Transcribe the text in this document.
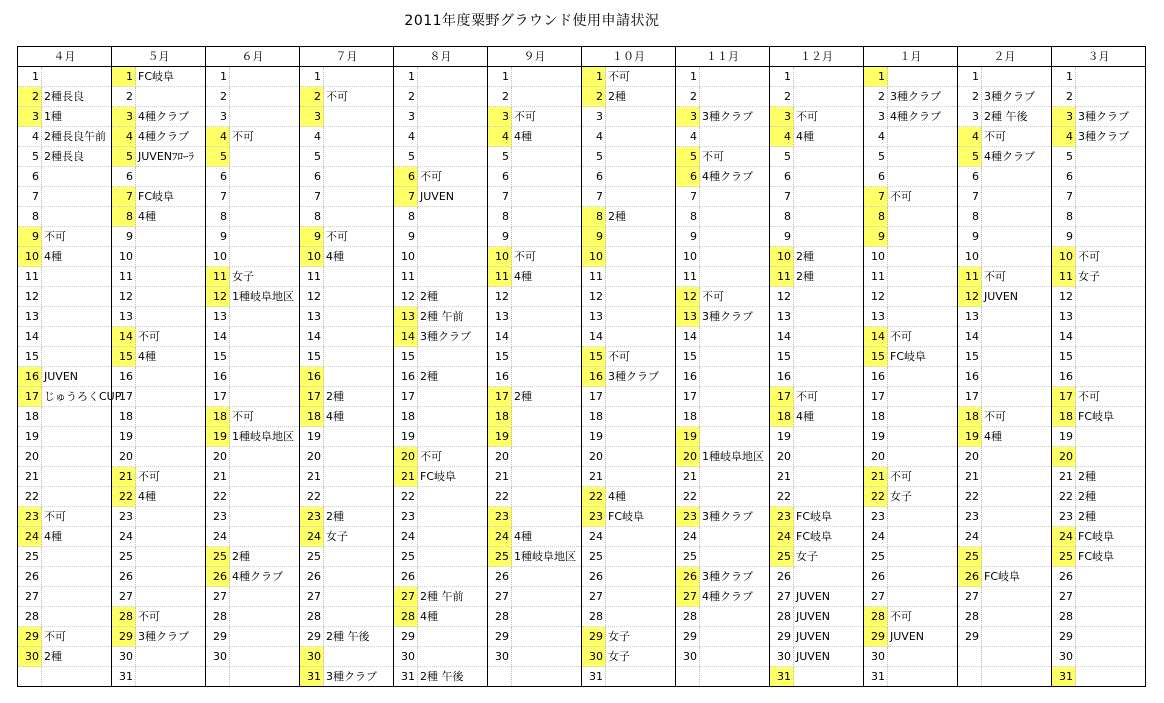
2011年度粟野グラウンド使用申請状況
４月		５月		６月		７月		８月		９月		１０月		１１月		１２月		１月		２月		３月	
1		1	FC岐阜	1		1		1		1		1	不可	1		1		1		1		1	
2	2種長良	2		2		2	不可	2		2		2	2種	2		2		2	3種クラブ	2	3種クラブ	2	
3	1種	3	4種クラブ	3		3		3		3	不可	3		3	3種クラブ	3	不可	3	4種クラブ	3	2種 午後	3	3種クラブ
4	2種長良午前	4	4種クラブ	4	不可	4		4		4	4種	4		4		4	4種	4		4	不可	4	3種クラブ
5	2種長良	5	JUVENﾌﾛｰﾗ	5		5		5		5		5		5	不可	5		5		5	4種クラブ	5	
6		6		6		6		6	不可	6		6		6	4種クラブ	6		6		6		6	
7		7	FC岐阜	7		7		7	JUVEN	7		7		7		7		7	不可	7		7	
8		8	4種	8		8		8		8		8	2種	8		8		8		8		8	
9	不可	9		9		9	不可	9		9		9		9		9		9		9		9	
10	4種	10		10		10	4種	10		10	不可	10		10		10	2種	10		10		10	不可
11		11		11	女子	11		11		11	4種	11		11		11	2種	11		11	不可	11	女子
12		12		12	1種岐阜地区	12		12	2種	12		12		12	不可	12		12		12	JUVEN	12	
13		13		13		13		13	2種 午前	13		13		13	3種クラブ	13		13		13		13	
14		14	不可	14		14		14	3種クラブ	14		14		14		14		14	不可	14		14	
15		15	4種	15		15		15		15		15	不可	15		15		15	FC岐阜	15		15	
16	JUVEN	16		16		16		16	2種	16		16	3種クラブ	16		16		16		16		16	
17	じゅうろくCUP	17		17		17	2種	17		17	2種	17		17		17	不可	17		17		17	不可
18		18		18	不可	18	4種	18		18		18		18		18	4種	18		18	不可	18	FC岐阜
19		19		19	1種岐阜地区	19		19		19		19		19		19		19		19	4種	19	
20		20		20		20		20	不可	20		20		20	1種岐阜地区	20		20		20		20	
21		21	不可	21		21		21	FC岐阜	21		21		21		21		21	不可	21		21	2種
22		22	4種	22		22		22		22		22	4種	22		22		22	女子	22		22	2種
23	不可	23		23		23	2種	23		23		23	FC岐阜	23	3種クラブ	23	FC岐阜	23		23		23	2種
24	4種	24		24		24	女子	24		24	4種	24		24		24	FC岐阜	24		24		24	FC岐阜
25		25		25	2種	25		25		25	1種岐阜地区	25		25		25	女子	25		25		25	FC岐阜
26		26		26	4種クラブ	26		26		26		26		26	3種クラブ	26		26		26	FC岐阜	26	
27		27		27		27		27	2種 午前	27		27		27	4種クラブ	27	JUVEN	27		27		27	
28		28	不可	28		28		28	4種	28		28		28		28	JUVEN	28	不可	28		28	
29	不可	29	3種クラブ	29		29	2種 午後	29		29		29	女子	29		29	JUVEN	29	JUVEN	29		29	
30	2種	30		30		30		30		30		30	女子	30		30	JUVEN	30				30	
		31				31	3種クラブ	31	2種 午後			31				31		31				31	
